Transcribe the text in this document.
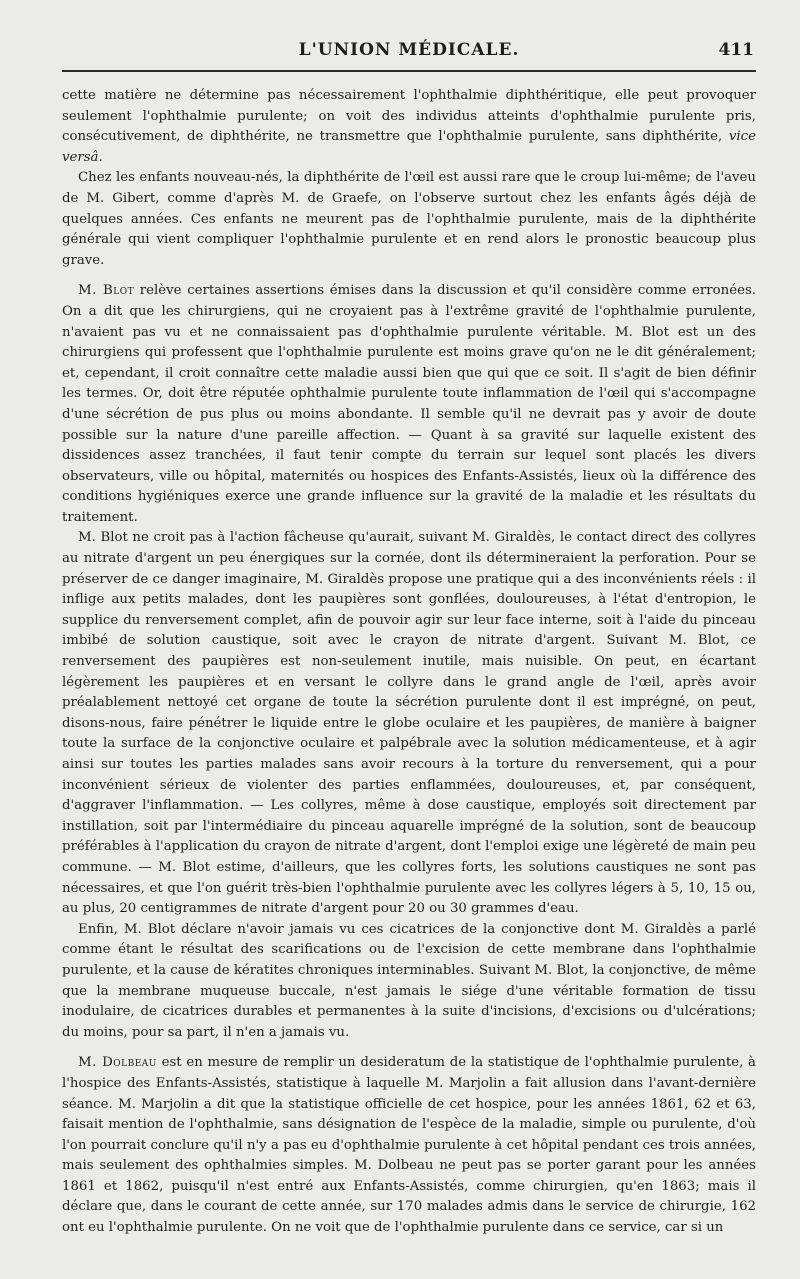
L'UNION MÉDICALE.	411

cette matière ne détermine pas nécessairement l'ophthalmie diphthéritique, elle peut provoquer seulement l'ophthalmie purulente; on voit des individus atteints d'ophthalmie purulente pris, consécutivement, de diphthérite, ne transmettre que l'ophthalmie purulente, sans diphthérite, vice versâ.

Chez les enfants nouveau-nés, la diphthérite de l'œil est aussi rare que le croup lui-même; de l'aveu de M. Gibert, comme d'après M. de Graefe, on l'observe surtout chez les enfants âgés déjà de quelques années. Ces enfants ne meurent pas de l'ophthalmie purulente, mais de la diphthérite générale qui vient compliquer l'ophthalmie purulente et en rend alors le pronostic beaucoup plus grave.

M. Blot relève certaines assertions émises dans la discussion et qu'il considère comme erronées. On a dit que les chirurgiens, qui ne croyaient pas à l'extrême gravité de l'ophthalmie purulente, n'avaient pas vu et ne connaissaient pas d'ophthalmie purulente véritable. M. Blot est un des chirurgiens qui professent que l'ophthalmie purulente est moins grave qu'on ne le dit généralement; et, cependant, il croit connaître cette maladie aussi bien que qui que ce soit. Il s'agit de bien définir les termes. Or, doit être réputée ophthalmie purulente toute inflammation de l'œil qui s'accompagne d'une sécrétion de pus plus ou moins abondante. Il semble qu'il ne devrait pas y avoir de doute possible sur la nature d'une pareille affection. — Quant à sa gravité sur laquelle existent des dissidences assez tranchées, il faut tenir compte du terrain sur lequel sont placés les divers observateurs, ville ou hôpital, maternités ou hospices des Enfants-Assistés, lieux où la différence des conditions hygiéniques exerce une grande influence sur la gravité de la maladie et les résultats du traitement.

M. Blot ne croit pas à l'action fâcheuse qu'aurait, suivant M. Giraldès, le contact direct des collyres au nitrate d'argent un peu énergiques sur la cornée, dont ils détermineraient la perforation. Pour se préserver de ce danger imaginaire, M. Giraldès propose une pratique qui a des inconvénients réels : il inflige aux petits malades, dont les paupières sont gonflées, douloureuses, à l'état d'entropion, le supplice du renversement complet, afin de pouvoir agir sur leur face interne, soit à l'aide du pinceau imbibé de solution caustique, soit avec le crayon de nitrate d'argent. Suivant M. Blot, ce renversement des paupières est non-seulement inutile, mais nuisible. On peut, en écartant légèrement les paupières et en versant le collyre dans le grand angle de l'œil, après avoir préalablement nettoyé cet organe de toute la sécrétion purulente dont il est imprégné, on peut, disons-nous, faire pénétrer le liquide entre le globe oculaire et les paupières, de manière à baigner toute la surface de la conjonctive oculaire et palpébrale avec la solution médicamenteuse, et à agir ainsi sur toutes les parties malades sans avoir recours à la torture du renversement, qui a pour inconvénient sérieux de violenter des parties enflammées, douloureuses, et, par conséquent, d'aggraver l'inflammation. — Les collyres, même à dose caustique, employés soit directement par instillation, soit par l'intermédiaire du pinceau aquarelle imprégné de la solution, sont de beaucoup préférables à l'application du crayon de nitrate d'argent, dont l'emploi exige une légèreté de main peu commune. — M. Blot estime, d'ailleurs, que les collyres forts, les solutions caustiques ne sont pas nécessaires, et que l'on guérit très-bien l'ophthalmie purulente avec les collyres légers à 5, 10, 15 ou, au plus, 20 centigrammes de nitrate d'argent pour 20 ou 30 grammes d'eau.

Enfin, M. Blot déclare n'avoir jamais vu ces cicatrices de la conjonctive dont M. Giraldès a parlé comme étant le résultat des scarifications ou de l'excision de cette membrane dans l'ophthalmie purulente, et la cause de kératites chroniques interminables. Suivant M. Blot, la conjonctive, de même que la membrane muqueuse buccale, n'est jamais le siége d'une véritable formation de tissu inodulaire, de cicatrices durables et permanentes à la suite d'incisions, d'excisions ou d'ulcérations; du moins, pour sa part, il n'en a jamais vu.

M. Dolbeau est en mesure de remplir un desideratum de la statistique de l'ophthalmie purulente, à l'hospice des Enfants-Assistés, statistique à laquelle M. Marjolin a fait allusion dans l'avant-dernière séance. M. Marjolin a dit que la statistique officielle de cet hospice, pour les années 1861, 62 et 63, faisait mention de l'ophthalmie, sans désignation de l'espèce de la maladie, simple ou purulente, d'où l'on pourrait conclure qu'il n'y a pas eu d'ophthalmie purulente à cet hôpital pendant ces trois années, mais seulement des ophthalmies simples. M. Dolbeau ne peut pas se porter garant pour les années 1861 et 1862, puisqu'il n'est entré aux Enfants-Assistés, comme chirurgien, qu'en 1863; mais il déclare que, dans le courant de cette année, sur 170 malades admis dans le service de chirurgie, 162 ont eu l'ophthalmie purulente. On ne voit que de l'ophthalmie purulente dans ce service, car si un
